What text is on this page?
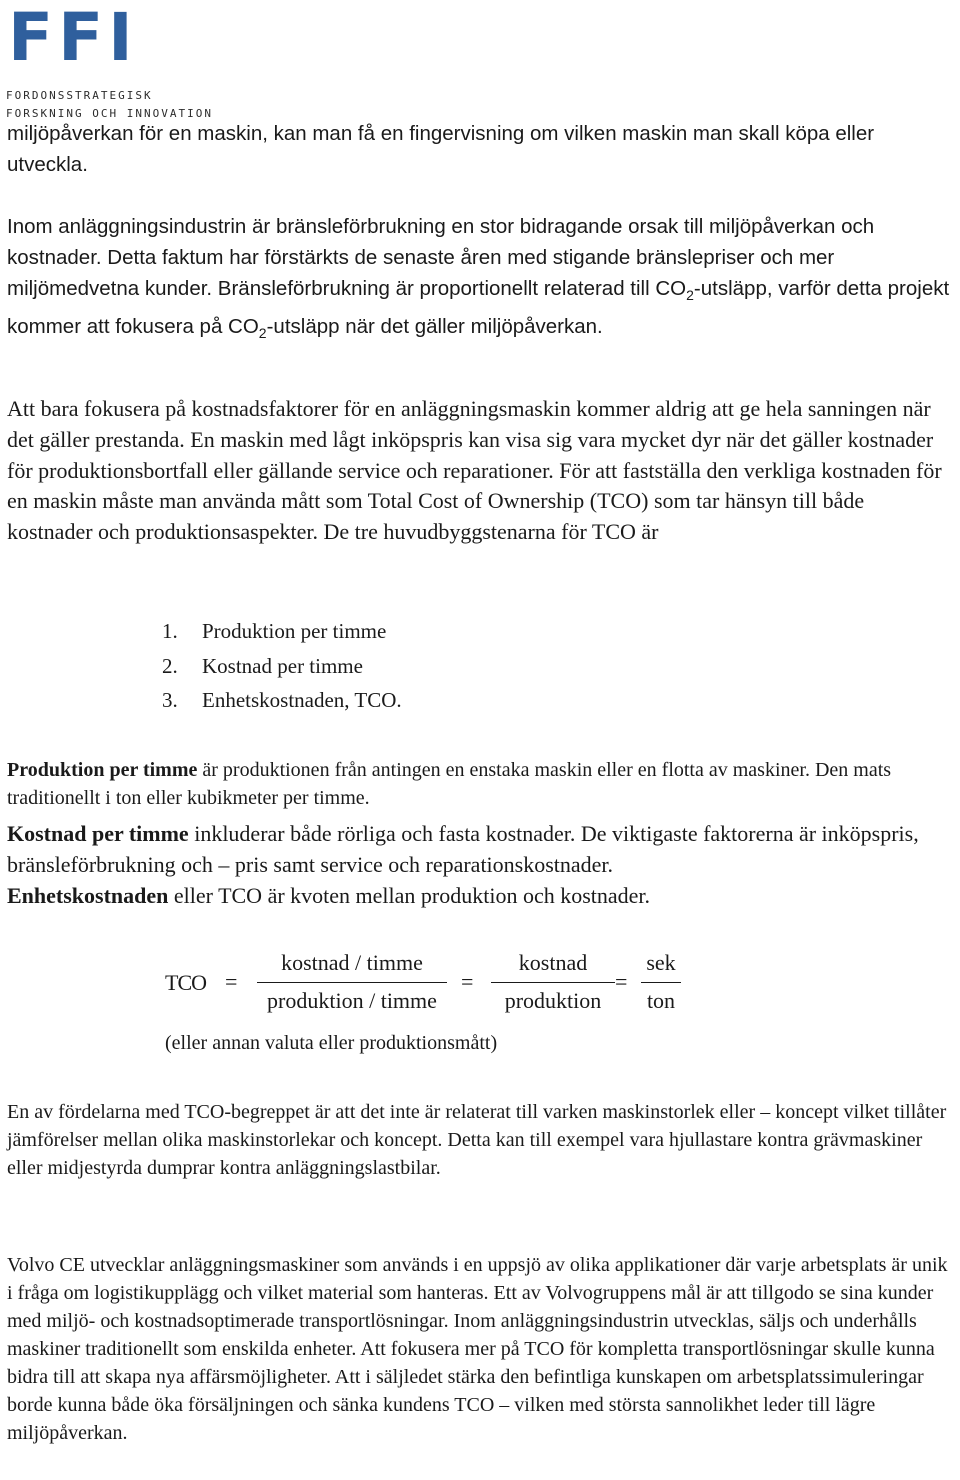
FFI
FORDONSSTRATEGISK
FORSKNING OCH INNOVATION

miljöpåverkan för en maskin, kan man få en fingervisning om vilken maskin man skall köpa eller utveckla.

Inom anläggningsindustrin är bränsleförbrukning en stor bidragande orsak till miljöpåverkan och kostnader. Detta faktum har förstärkts de senaste åren med stigande bränslepriser och mer miljömedvetna kunder. Bränsleförbrukning är proportionellt relaterad till $CO_2$-utsläpp, varför detta projekt kommer att fokusera på $CO_2$-utsläpp när det gäller miljöpåverkan.

Att bara fokusera på kostnadsfaktorer för en anläggningsmaskin kommer aldrig att ge hela sanningen när det gäller prestanda. En maskin med lågt inköpspris kan visa sig vara mycket dyr när det gäller kostnader för produktionsbortfall eller gällande service och reparationer. För att fastställa den verkliga kostnaden för en maskin måste man använda mått som Total Cost of Ownership (TCO) som tar hänsyn till både kostnader och produktionsaspekter. De tre huvudbyggstenarna för TCO är

1. Produktion per timme
2. Kostnad per timme
3. Enhetskostnaden, TCO.

Produktion per timme är produktionen från antingen en enstaka maskin eller en flotta av maskiner. Den mats traditionellt i ton eller kubikmeter per timme.

Kostnad per timme inkluderar både rörliga och fasta kostnader. De viktigaste faktorerna är inköpspris, bränsleförbrukning och – pris samt service och reparationskostnader.
Enhetskostnaden eller TCO är kvoten mellan produktion och kostnader.

TCO =
kostnad / timme
produktion / timme
=
kostnad
produktion
=
sek
ton
(eller annan valuta eller produktionsmått)

En av fördelarna med TCO-begreppet är att det inte är relaterat till varken maskinstorlek eller – koncept vilket tillåter jämförelser mellan olika maskinstorlekar och koncept. Detta kan till exempel vara hjullastare kontra grävmaskiner eller midjestyrda dumprar kontra anläggningslastbilar.

Volvo CE utvecklar anläggningsmaskiner som används i en uppsjö av olika applikationer där varje arbetsplats är unik i fråga om logistikupplägg och vilket material som hanteras. Ett av Volvogruppens mål är att tillgodo se sina kunder med miljö- och kostnadsoptimerade transportlösningar. Inom anläggningsindustrin utvecklas, säljs och underhålls maskiner traditionellt som enskilda enheter. Att fokusera mer på TCO för kompletta transportlösningar skulle kunna bidra till att skapa nya affärsmöjligheter. Att i säljledet stärka den befintliga kunskapen om arbetsplatssimuleringar borde kunna både öka försäljningen och sänka kundens TCO – vilken med största sannolikhet leder till lägre miljöpåverkan.
